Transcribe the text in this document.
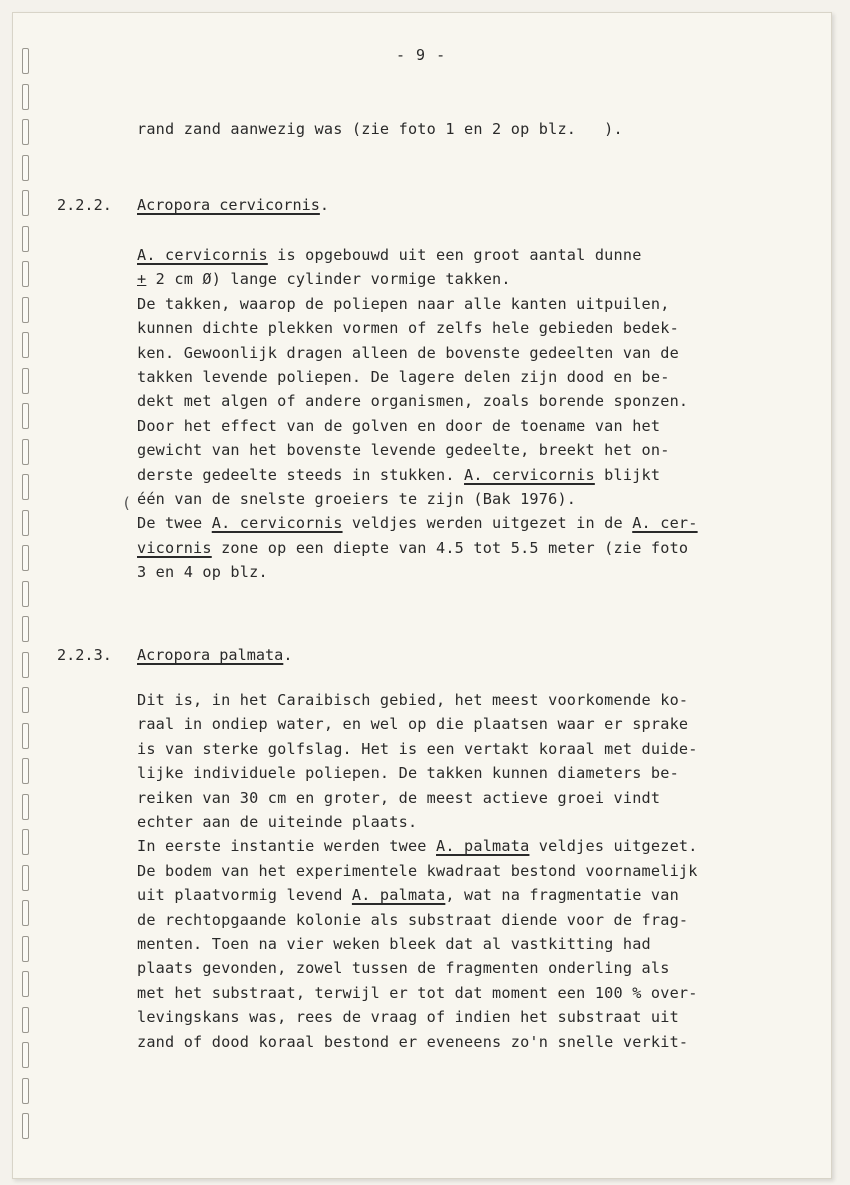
- 9 -
rand zand aanwezig was (zie foto 1 en 2 op blz.   ).
2.2.2. Acropora cervicornis.
A. cervicornis is opgebouwd uit een groot aantal dunne
+ 2 cm Ø) lange cylinder vormige takken.
De takken, waarop de poliepen naar alle kanten uitpuilen,
kunnen dichte plekken vormen of zelfs hele gebieden bedek-
ken. Gewoonlijk dragen alleen de bovenste gedeelten van de
takken levende poliepen. De lagere delen zijn dood en be-
dekt met algen of andere organismen, zoals borende sponzen.
Door het effect van de golven en door de toename van het
gewicht van het bovenste levende gedeelte, breekt het on-
derste gedeelte steeds in stukken. A. cervicornis blijkt
één van de snelste groeiers te zijn (Bak 1976).
De twee A. cervicornis veldjes werden uitgezet in de A. cer-
vicornis zone op een diepte van 4.5 tot 5.5 meter (zie foto
3 en 4 op blz.
(
2.2.3. Acropora palmata.
Dit is, in het Caraibisch gebied, het meest voorkomende ko-
raal in ondiep water, en wel op die plaatsen waar er sprake
is van sterke golfslag. Het is een vertakt koraal met duide-
lijke individuele poliepen. De takken kunnen diameters be-
reiken van 30 cm en groter, de meest actieve groei vindt
echter aan de uiteinde plaats.
In eerste instantie werden twee A. palmata veldjes uitgezet.
De bodem van het experimentele kwadraat bestond voornamelijk
uit plaatvormig levend A. palmata, wat na fragmentatie van
de rechtopgaande kolonie als substraat diende voor de frag-
menten. Toen na vier weken bleek dat al vastkitting had
plaats gevonden, zowel tussen de fragmenten onderling als
met het substraat, terwijl er tot dat moment een 100 % over-
levingskans was, rees de vraag of indien het substraat uit
zand of dood koraal bestond er eveneens zo'n snelle verkit-
